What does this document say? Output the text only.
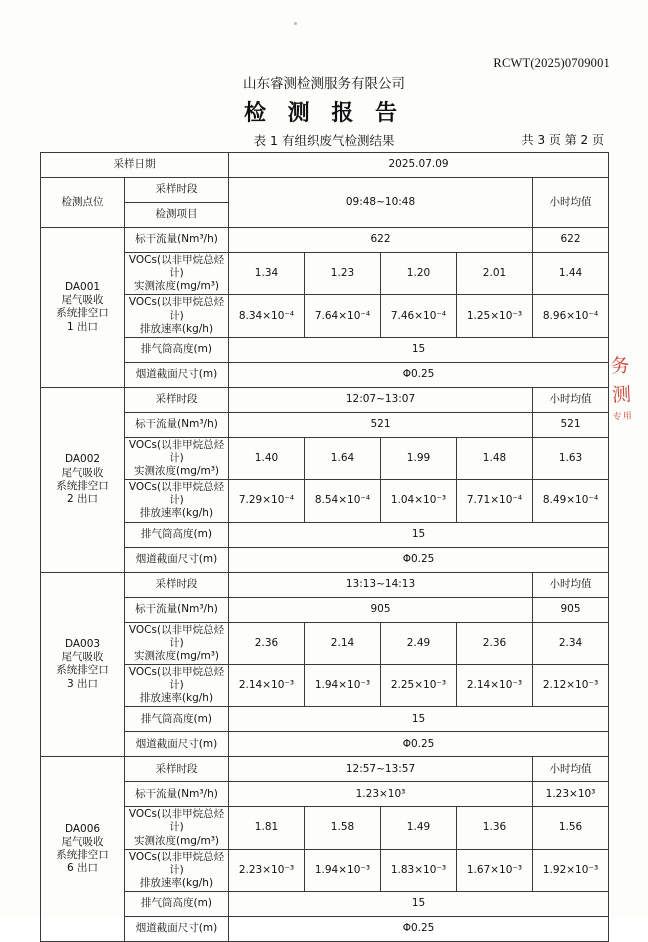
RCWT(2025)0709001
山东睿测检测服务有限公司
检 测 报 告
表 1 有组织废气检测结果	共 3 页 第 2 页
采样日期		2025.07.09				
检测点位	采样时段	09:48~10:48				小时均值
	检测项目					
DA001
尾气吸收
系统排空口
1 出口	标干流量(Nm³/h)	622				622
	VOCs(以非甲烷总烃计)
实测浓度(mg/m³)	1.34	1.23	1.20	2.01	1.44
	VOCs(以非甲烷总烃计)
排放速率(kg/h)	8.34×10⁻⁴	7.64×10⁻⁴	7.46×10⁻⁴	1.25×10⁻³	8.96×10⁻⁴
	排气筒高度(m)	15				
	烟道截面尺寸(m)	Φ0.25				
DA002
尾气吸收
系统排空口
2 出口	采样时段	12:07~13:07				小时均值
	标干流量(Nm³/h)	521				521
	VOCs(以非甲烷总烃计)
实测浓度(mg/m³)	1.40	1.64	1.99	1.48	1.63
	VOCs(以非甲烷总烃计)
排放速率(kg/h)	7.29×10⁻⁴	8.54×10⁻⁴	1.04×10⁻³	7.71×10⁻⁴	8.49×10⁻⁴
	排气筒高度(m)	15				
	烟道截面尺寸(m)	Φ0.25				
DA003
尾气吸收
系统排空口
3 出口	采样时段	13:13~14:13				小时均值
	标干流量(Nm³/h)	905				905
	VOCs(以非甲烷总烃计)
实测浓度(mg/m³)	2.36	2.14	2.49	2.36	2.34
	VOCs(以非甲烷总烃计)
排放速率(kg/h)	2.14×10⁻³	1.94×10⁻³	2.25×10⁻³	2.14×10⁻³	2.12×10⁻³
	排气筒高度(m)	15				
	烟道截面尺寸(m)	Φ0.25				
DA006
尾气吸收
系统排空口
6 出口	采样时段	12:57~13:57				小时均值
	标干流量(Nm³/h)	1.23×10³				1.23×10³
	VOCs(以非甲烷总烃计)
实测浓度(mg/m³)	1.81	1.58	1.49	1.36	1.56
	VOCs(以非甲烷总烃计)
排放速率(kg/h)	2.23×10⁻³	1.94×10⁻³	1.83×10⁻³	1.67×10⁻³	1.92×10⁻³
	排气筒高度(m)	15				
	烟道截面尺寸(m)	Φ0.25				
务
测
专用
